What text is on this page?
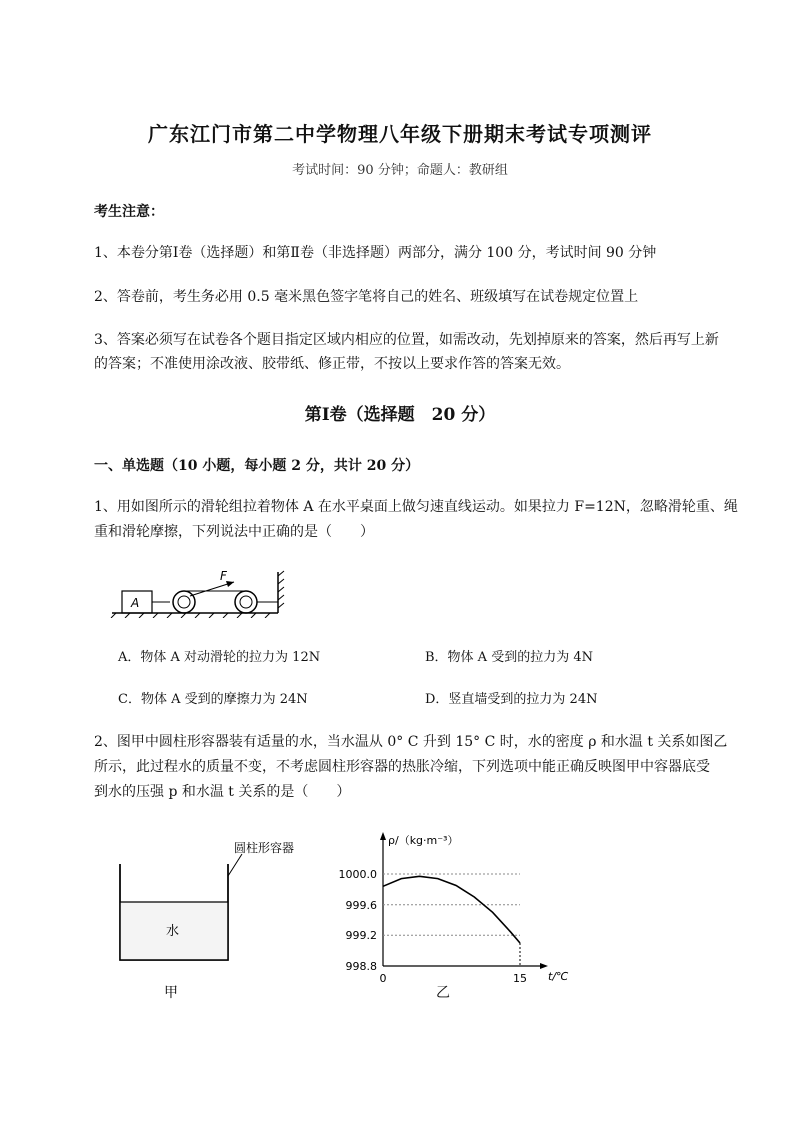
广东江门市第二中学物理八年级下册期末考试专项测评
考试时间：90 分钟；命题人：教研组
考生注意：
1、本卷分第Ⅰ卷（选择题）和第Ⅱ卷（非选择题）两部分，满分 100 分，考试时间 90 分钟
2、答卷前，考生务必用 0.5 毫米黑色签字笔将自己的姓名、班级填写在试卷规定位置上
3、答案必须写在试卷各个题目指定区域内相应的位置，如需改动，先划掉原来的答案，然后再写上新
的答案；不准使用涂改液、胶带纸、修正带，不按以上要求作答的答案无效。
第Ⅰ卷（选择题　20 分）
一、单选题（10 小题，每小题 2 分，共计 20 分）
1、用如图所示的滑轮组拉着物体 A 在水平桌面上做匀速直线运动。如果拉力 F=12N，忽略滑轮重、绳
重和滑轮摩擦，下列说法中正确的是（　　）
A
F
A．物体 A 对动滑轮的拉力为 12N	B．物体 A 受到的拉力为 4N
C．物体 A 受到的摩擦力为 24N	D．竖直墙受到的拉力为 24N
2、图甲中圆柱形容器装有适量的水，当水温从 0° C 升到 15° C 时，水的密度 ρ 和水温 t 关系如图乙
所示，此过程水的质量不变，不考虑圆柱形容器的热胀冷缩，下列选项中能正确反映图甲中容器底受
到水的压强 p 和水温 t 关系的是（　　）
圆柱形容器
水
甲
ρ/（kg·m⁻³）
t/℃
1000.0
999.6
999.2
998.8
0	15
乙
